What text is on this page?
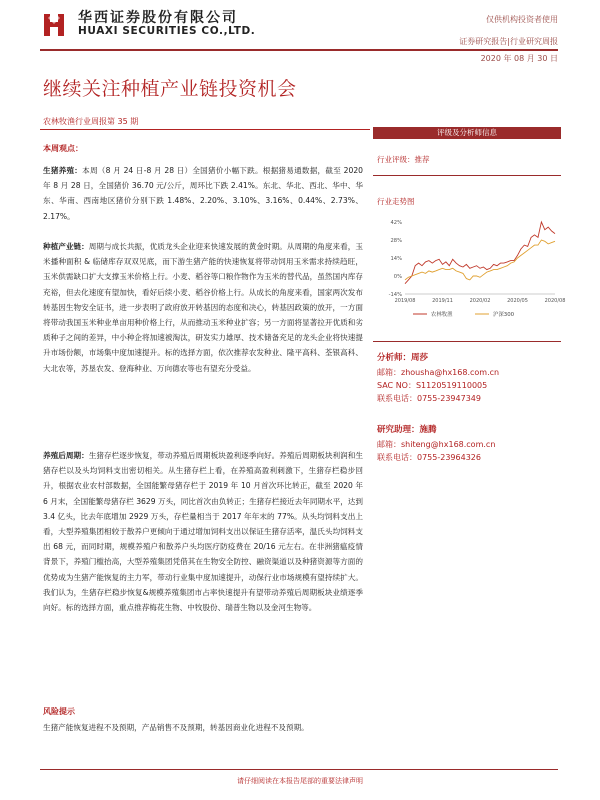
华西证券股份有限公司
HUAXI SECURITIES CO.,LTD.
仅供机构投资者使用
证券研究报告|行业研究周报
2020 年 08 月 30 日
继续关注种植产业链投资机会
农林牧渔行业周报第 35 期
本周观点：
生猪养殖：本周（8 月 24 日-8 月 28 日）全国猪价小幅下跌。根据猪易通数据，截至 2020 年 8 月 28 日，全国猪价 36.70 元/公斤，周环比下跌 2.41%。东北、华北、西北、华中、华东、华南、西南地区猪价分别下跌 1.48%、2.20%、3.10%、3.16%、0.44%、2.73%、2.17%。
种植产业链：周期与成长共振，优质龙头企业迎来快速发展的黄金时期。从周期的角度来看，玉米播种面积 & 临储库存双双见底，而下游生猪产能的快速恢复将带动饲用玉米需求持续趋旺，玉米供需缺口扩大支撑玉米价格上行。小麦、稻谷等口粮作物作为玉米的替代品，虽然国内库存充裕，但去化速度有望加快，看好后续小麦、稻谷价格上行。从成长的角度来看，国家两次发布转基因生物安全证书，进一步表明了政府放开转基因的态度和决心，转基因政策的放开，一方面将带动我国玉米种业单亩用种价格上行，从而推动玉米种业扩容；另一方面将显著拉开优质和劣质种子之间的差异，中小种企将加速被淘汰，研发实力雄厚、技术储备充足的龙头企业将快速提升市场份额，市场集中度加速提升。标的选择方面，依次推荐农发种业、隆平高科、荃银高科、大北农等，苏垦农发、登海种业、万向德农等也有望充分受益。
养殖后周期：生猪存栏逐步恢复，带动养殖后周期板块盈利逐季向好。养殖后周期板块利润和生猪存栏以及头均饲料支出密切相关。从生猪存栏上看，在养殖高盈利刺激下，生猪存栏稳步回升，根据农业农村部数据，全国能繁母猪存栏于 2019 年 10 月首次环比转正，截至 2020 年 6 月末，全国能繁母猪存栏 3629 万头，同比首次由负转正；生猪存栏接近去年同期水平，达到 3.4 亿头，比去年底增加 2929 万头，存栏量相当于 2017 年年末的 77%。从头均饲料支出上看，大型养殖集团相较于散养户更倾向于通过增加饲料支出以保证生猪存活率，温氏头均饲料支出 68 元，而同时期，规模养殖户和散养户头均医疗防疫费在 20/16 元左右。在非洲猪瘟疫情背景下，养殖门槛抬高，大型养殖集团凭借其在生物安全防控、融资渠道以及种猪资源等方面的优势成为生猪产能恢复的主力军，带动行业集中度加速提升，动保行业市场规模有望持续扩大。我们认为，生猪存栏稳步恢复&规模养殖集团市占率快速提升有望带动养殖后周期板块业绩逐季向好。标的选择方面，重点推荐梅花生物、中牧股份、瑞普生物以及金河生物等。
风险提示
生猪产能恢复进程不及预期，产品销售不及预期，转基因商业化进程不及预期。
评级及分析师信息
行业评级：推荐
行业走势图
-14%
0%
14%
28%
42%
2019/08	2019/11	2020/02	2020/05	2020/08
农林牧渔	沪深300
分析师：周莎
邮箱：zhousha@hx168.com.cn
SAC NO：S1120519110005
联系电话：0755-23947349
研究助理：施腾
邮箱：shiteng@hx168.com.cn
联系电话：0755-23964326
请仔细阅读在本报告尾部的重要法律声明
